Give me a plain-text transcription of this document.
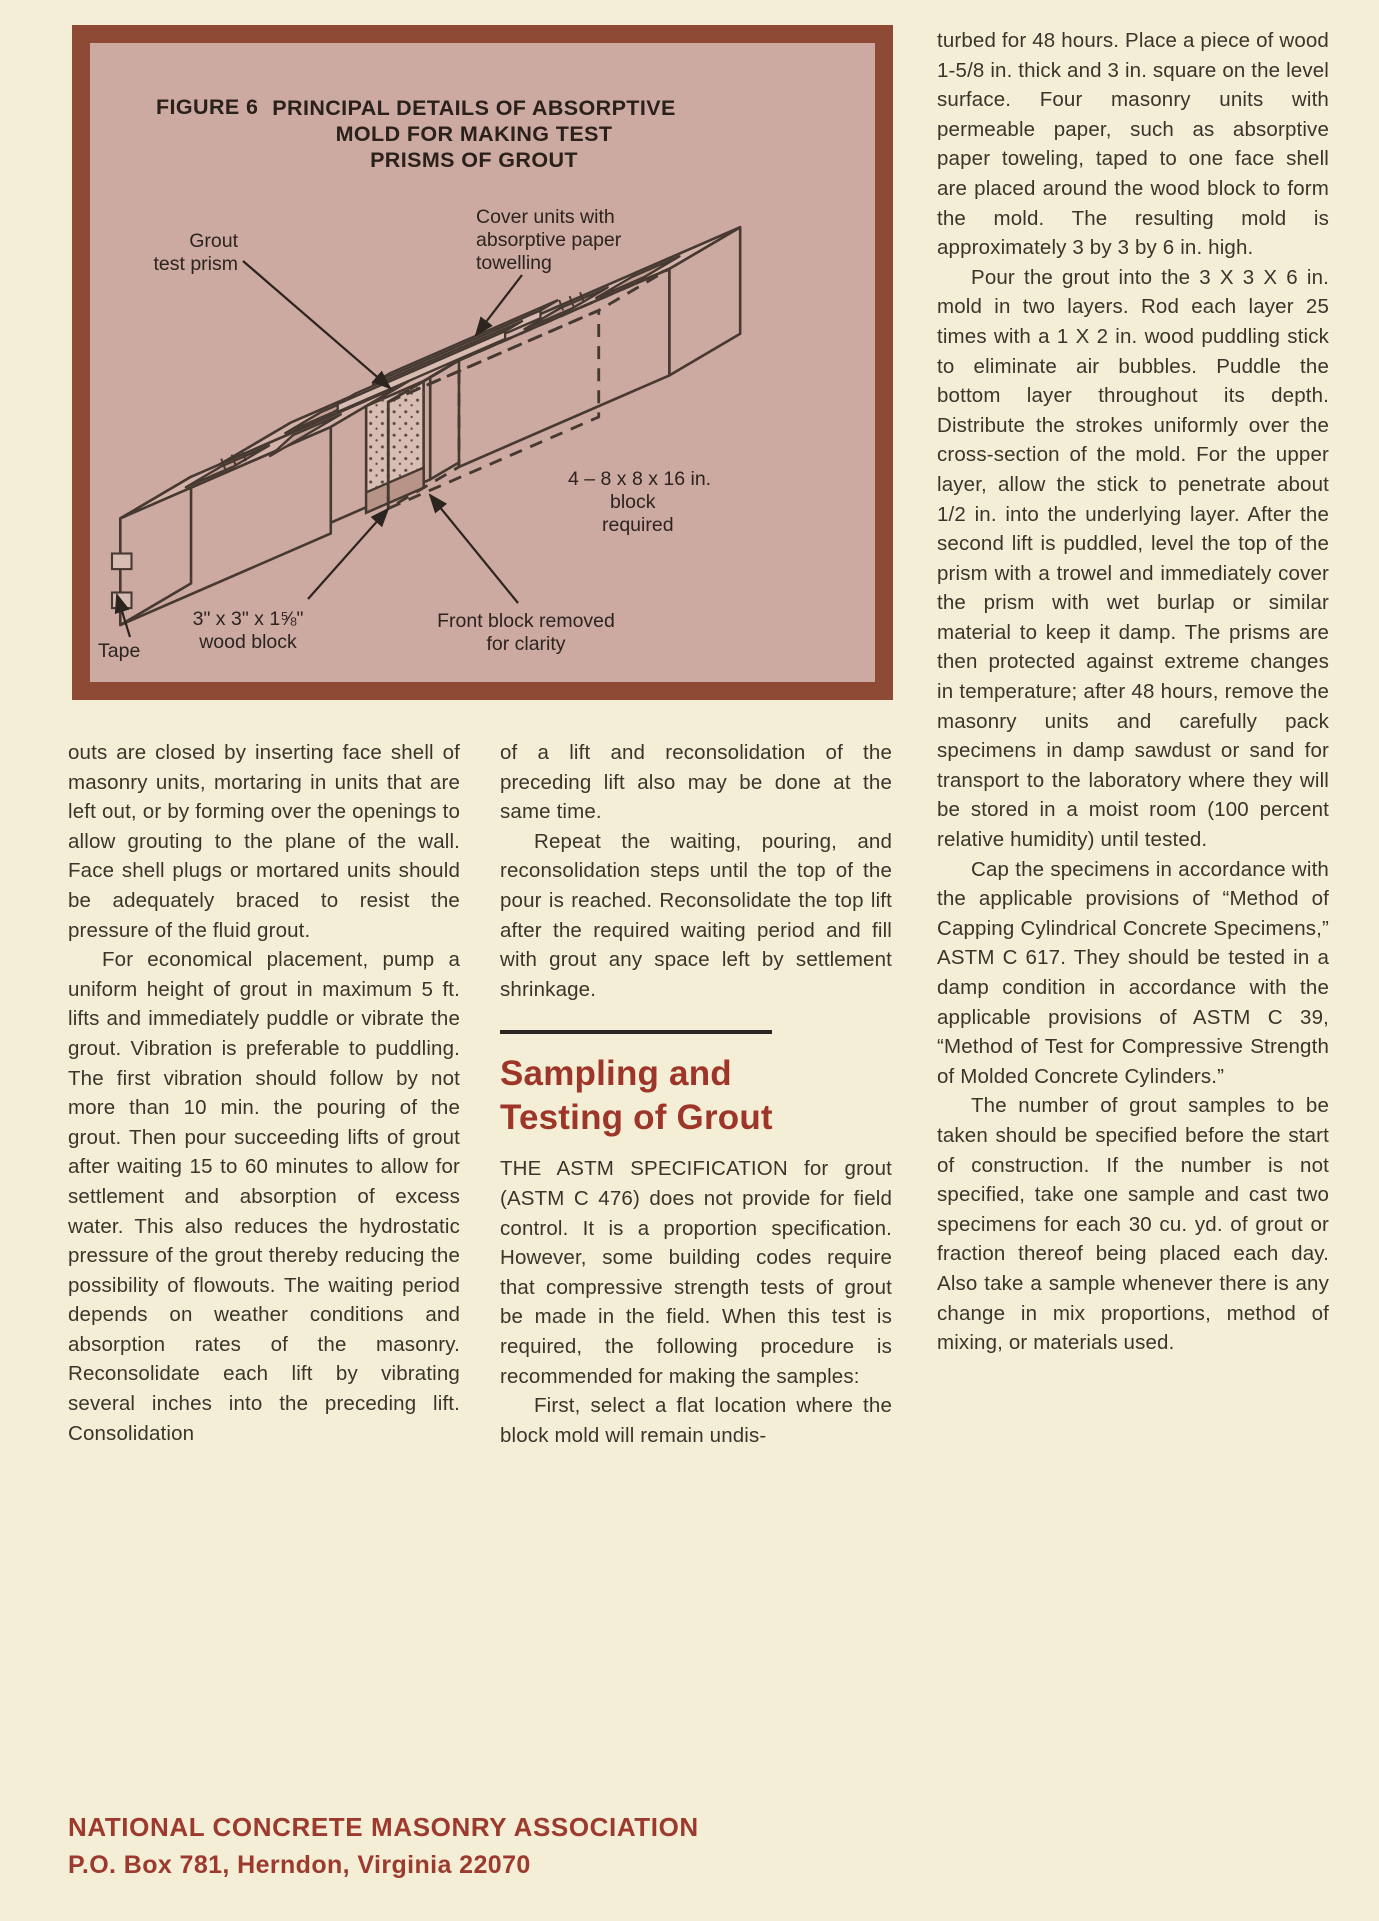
FIGURE 6 PRINCIPAL DETAILS OF ABSORPTIVE
MOLD FOR MAKING TEST
PRISMS OF GROUT
Grout
test prism
Cover units with
absorptive paper
towelling
Tape
3" x 3" x 1⅝"
wood block
Front block removed
for clarity
4 – 8 x 8 x 16 in.
block
required

outs are closed by inserting face shell of masonry units, mortaring in units that are left out, or by forming over the openings to allow grouting to the plane of the wall. Face shell plugs or mortared units should be adequately braced to resist the pressure of the fluid grout.

For economical placement, pump a uniform height of grout in maximum 5 ft. lifts and immediately puddle or vibrate the grout. Vibration is preferable to puddling. The first vibration should follow by not more than 10 min. the pouring of the grout. Then pour succeeding lifts of grout after waiting 15 to 60 minutes to allow for settlement and absorption of excess water. This also reduces the hydrostatic pressure of the grout thereby reducing the possibility of flowouts. The waiting period depends on weather conditions and absorption rates of the masonry. Reconsolidate each lift by vibrating several inches into the preceding lift. Consolidation

of a lift and reconsolidation of the preceding lift also may be done at the same time.

Repeat the waiting, pouring, and reconsolidation steps until the top of the pour is reached. Reconsolidate the top lift after the required waiting period and fill with grout any space left by settlement shrinkage.

Sampling and
Testing of Grout

THE ASTM SPECIFICATION for grout (ASTM C 476) does not provide for field control. It is a proportion specification. However, some building codes require that compressive strength tests of grout be made in the field. When this test is required, the following procedure is recommended for making the samples:

First, select a flat location where the block mold will remain undis-

turbed for 48 hours. Place a piece of wood 1-5/8 in. thick and 3 in. square on the level surface. Four masonry units with permeable paper, such as absorptive paper toweling, taped to one face shell are placed around the wood block to form the mold. The resulting mold is approximately 3 by 3 by 6 in. high.

Pour the grout into the 3 X 3 X 6 in. mold in two layers. Rod each layer 25 times with a 1 X 2 in. wood puddling stick to eliminate air bubbles. Puddle the bottom layer throughout its depth. Distribute the strokes uniformly over the cross-section of the mold. For the upper layer, allow the stick to penetrate about 1/2 in. into the underlying layer. After the second lift is puddled, level the top of the prism with a trowel and immediately cover the prism with wet burlap or similar material to keep it damp. The prisms are then protected against extreme changes in temperature; after 48 hours, remove the masonry units and carefully pack specimens in damp sawdust or sand for transport to the laboratory where they will be stored in a moist room (100 percent relative humidity) until tested.

Cap the specimens in accordance with the applicable provisions of “Method of Capping Cylindrical Concrete Specimens,” ASTM C 617. They should be tested in a damp condition in accordance with the applicable provisions of ASTM C 39, “Method of Test for Compressive Strength of Molded Concrete Cylinders.”

The number of grout samples to be taken should be specified before the start of construction. If the number is not specified, take one sample and cast two specimens for each 30 cu. yd. of grout or fraction thereof being placed each day. Also take a sample whenever there is any change in mix proportions, method of mixing, or materials used.

NATIONAL CONCRETE MASONRY ASSOCIATION
P.O. Box 781, Herndon, Virginia 22070
